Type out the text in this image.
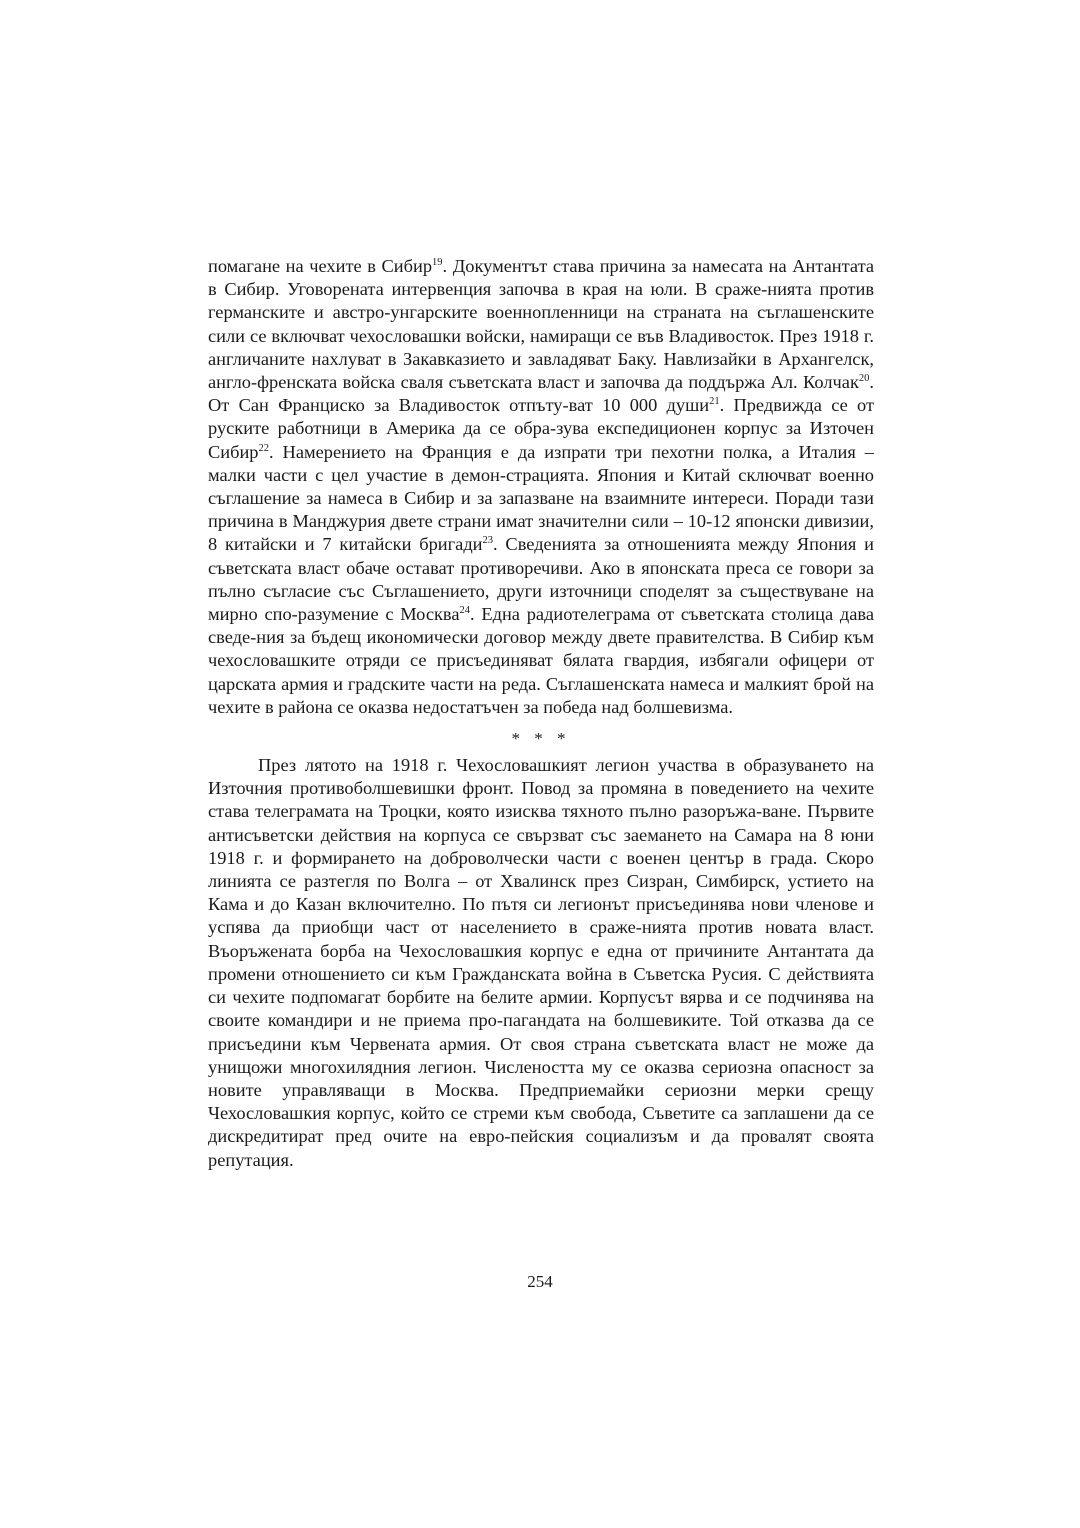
помагане на чехите в Сибир$^{19}$. Документът става причина за намесата на Антантата в Сибир. Уговорената интервенция започва в края на юли. В сраже-нията против германските и австро-унгарските военнопленници на страната на съглашенските сили се включват чехословашки войски, намиращи се във Владивосток. През 1918 г. англичаните нахлуват в Закавказието и завладяват Баку. Навлизайки в Архангелск, англо-френската войска сваля съветската власт и започва да поддържа Ал. Колчак$^{20}$. От Сан Франциско за Владивосток отпъту-ват 10 000 души$^{21}$. Предвижда се от руските работници в Америка да се обра-зува експедиционен корпус за Източен Сибир$^{22}$. Намерението на Франция е да изпрати три пехотни полка, а Италия – малки части с цел участие в демон-страцията. Япония и Китай сключват военно съглашение за намеса в Сибир и за запазване на взаимните интереси. Поради тази причина в Манджурия двете страни имат значителни сили – 10-12 японски дивизии, 8 китайски и 7 китайски бригади$^{23}$. Сведенията за отношенията между Япония и съветската власт обаче остават противоречиви. Ако в японската преса се говори за пълно съгласие със Съглашението, други източници споделят за съществуване на мирно спо-разумение с Москва$^{24}$. Една радиотелеграма от съветската столица дава сведе-ния за бъдещ икономически договор между двете правителства. В Сибир към чехословашките отряди се присъединяват бялата гвардия, избягали офицери от царската армия и градските части на реда. Съглашенската намеса и малкият брой на чехите в района се оказва недостатъчен за победа над болшевизма.

* * *

През лятото на 1918 г. Чехословашкият легион участва в образуването на Източния противоболшевишки фронт. Повод за промяна в поведението на чехите става телеграмата на Троцки, която изисква тяхното пълно разоръжа-ване. Първите антисъветски действия на корпуса се свързват със заемането на Самара на 8 юни 1918 г. и формирането на доброволчески части с военен център в града. Скоро линията се разтегля по Волга – от Хвалинск през Сизран, Симбирск, устието на Кама и до Казан включително. По пътя си легионът присъединява нови членове и успява да приобщи част от населението в сраже-нията против новата власт. Въоръжената борба на Чехословашкия корпус е една от причините Антантата да промени отношението си към Гражданската война в Съветска Русия. С действията си чехите подпомагат борбите на белите армии. Корпусът вярва и се подчинява на своите командири и не приема про-пагандата на болшевиките. Той отказва да се присъедини към Червената армия. От своя страна съветската власт не може да унищожи многохилядния легион. Числеността му се оказва сериозна опасност за новите управляващи в Москва. Предприемайки сериозни мерки срещу Чехословашкия корпус, който се стреми към свобода, Съветите са заплашени да се дискредитират пред очите на евро-пейския социализъм и да провалят своята репутация.

254
